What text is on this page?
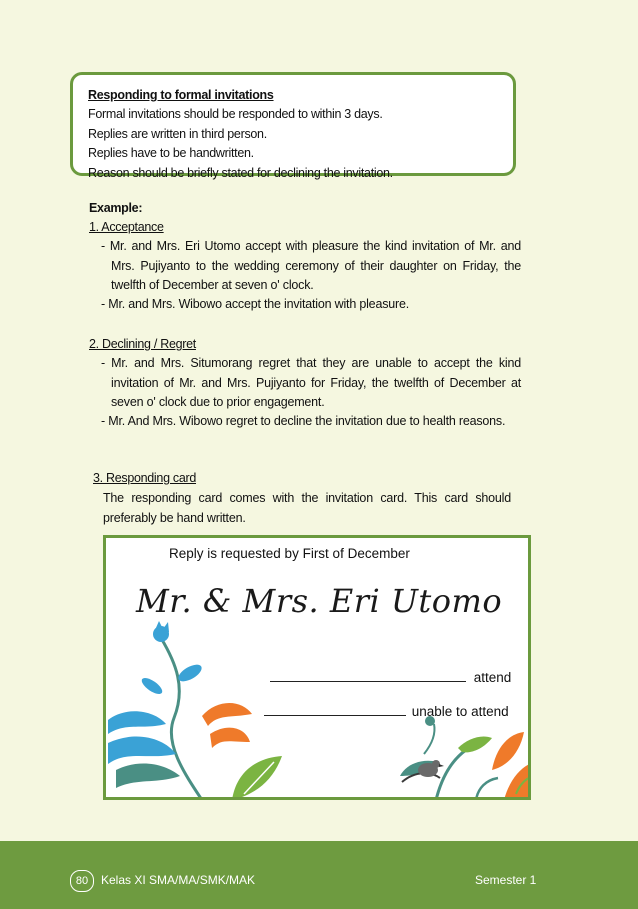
Responding to formal invitations
Formal invitations should be responded to within 3 days.
Replies are written in third person.
Replies have to be handwritten.
Reason should be briefly stated for declining the invitation.
Example:
1. Acceptance
- Mr. and Mrs. Eri Utomo accept with pleasure the kind invitation of Mr. and Mrs. Pujiyanto to the wedding ceremony of their daughter on Friday, the twelfth of December at seven o' clock.
- Mr. and Mrs. Wibowo accept the invitation with pleasure.
2. Declining / Regret
- Mr. and Mrs. Situmorang regret that they are unable to accept the kind invitation of Mr. and Mrs. Pujiyanto for Friday, the twelfth of December at seven o' clock due to prior engagement.
- Mr. And Mrs. Wibowo regret to decline the invitation due to health reasons.
3. Responding card
The responding card comes with the invitation card. This card should preferably be hand written.
Reply is requested by First of December
Mr. & Mrs. Eri Utomo
attend
unable to attend
80	Kelas XI SMA/MA/SMK/MAK	Semester 1
